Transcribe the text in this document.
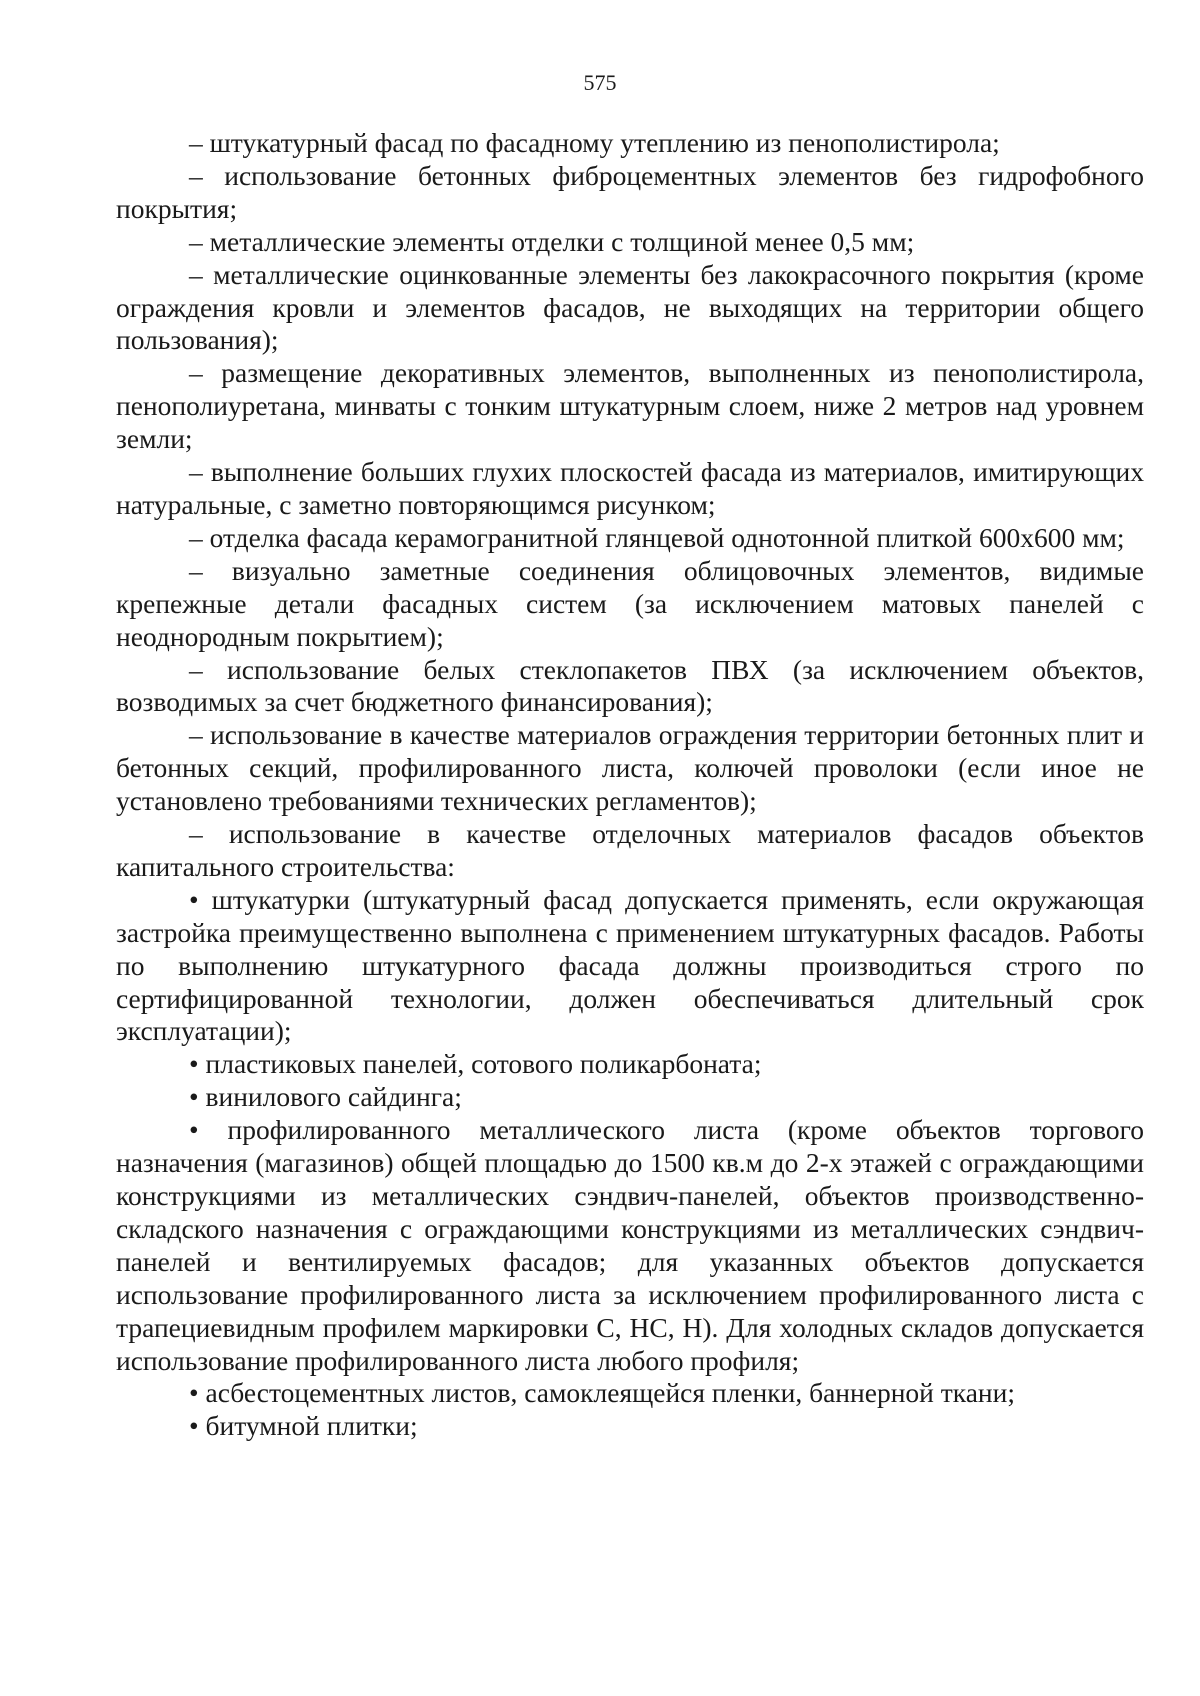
575

– штукатурный фасад по фасадному утеплению из пенополистирола;

– использование бетонных фиброцементных элементов без гидрофобного покрытия;

– металлические элементы отделки с толщиной менее 0,5 мм;

– металлические оцинкованные элементы без лакокрасочного покрытия (кроме ограждения кровли и элементов фасадов, не выходящих на территории общего пользования);

– размещение декоративных элементов, выполненных из пенополистирола, пенополиуретана, минваты с тонким штукатурным слоем, ниже 2 метров над уровнем земли;

– выполнение больших глухих плоскостей фасада из материалов, имитирующих натуральные, с заметно повторяющимся рисунком;

– отделка фасада керамогранитной глянцевой однотонной плиткой 600х600 мм;

– визуально заметные соединения облицовочных элементов, видимые крепежные детали фасадных систем (за исключением матовых панелей с неоднородным покрытием);

– использование белых стеклопакетов ПВХ (за исключением объектов, возводимых за счет бюджетного финансирования);

– использование в качестве материалов ограждения территории бетонных плит и бетонных секций, профилированного листа, колючей проволоки (если иное не установлено требованиями технических регламентов);

– использование в качестве отделочных материалов фасадов объектов капитального строительства:

• штукатурки (штукатурный фасад допускается применять, если окружающая застройка преимущественно выполнена с применением штукатурных фасадов. Работы по выполнению штукатурного фасада должны производиться строго по сертифицированной технологии, должен обеспечиваться длительный срок эксплуатации);

• пластиковых панелей, сотового поликарбоната;

• винилового сайдинга;

• профилированного металлического листа (кроме объектов торгового назначения (магазинов) общей площадью до 1500 кв.м до 2-х этажей с ограждающими конструкциями из металлических сэндвич-панелей, объектов производственно-складского назначения с ограждающими конструкциями из металлических сэндвич-панелей и вентилируемых фасадов; для указанных объектов допускается использование профилированного листа за исключением профилированного листа с трапециевидным профилем маркировки С, НС, Н). Для холодных складов допускается использование профилированного листа любого профиля;

• асбестоцементных листов, самоклеящейся пленки, баннерной ткани;

• битумной плитки;
